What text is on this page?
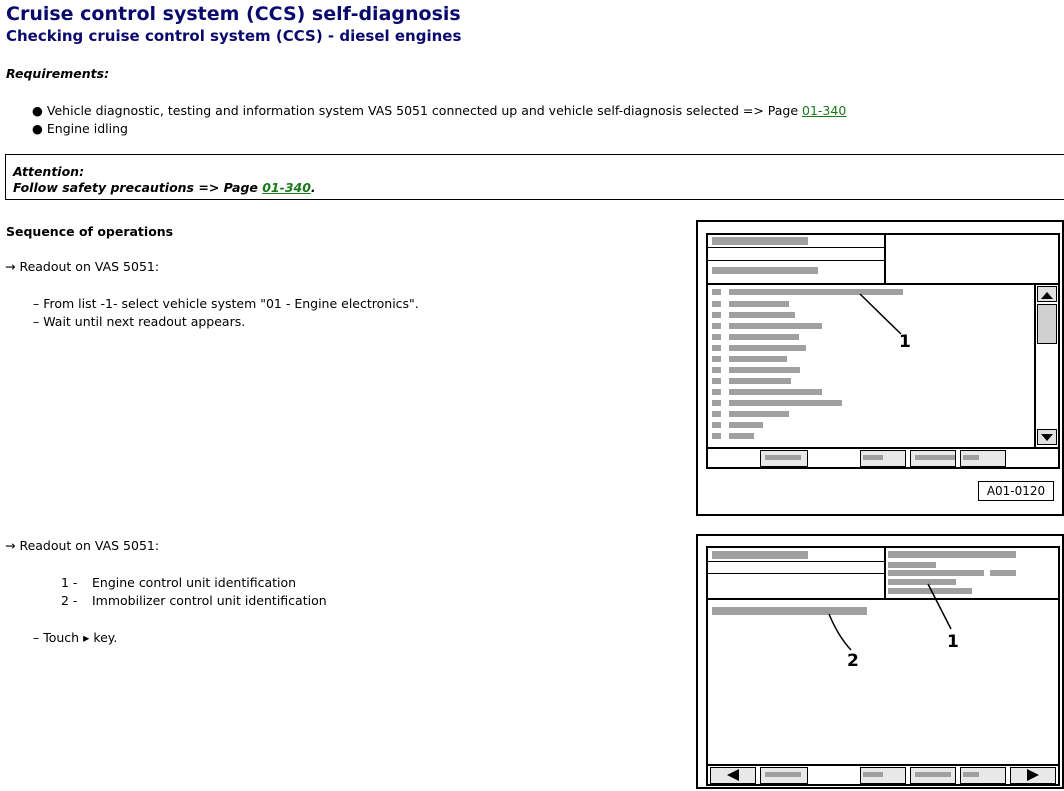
Cruise control system (CCS) self-diagnosis
Checking cruise control system (CCS) - diesel engines
Requirements:
● Vehicle diagnostic, testing and information system VAS 5051 connected up and vehicle self-diagnosis selected => Page 01-340
● Engine idling
Attention:
Follow safety precautions => Page 01-340.
Sequence of operations
→ Readout on VAS 5051:
– From list -1- select vehicle system "01 - Engine electronics".
– Wait until next readout appears.
→ Readout on VAS 5051:
1 - Engine control unit identification
2 - Immobilizer control unit identification
– Touch ▸ key.
1
A01-0120
1
2
